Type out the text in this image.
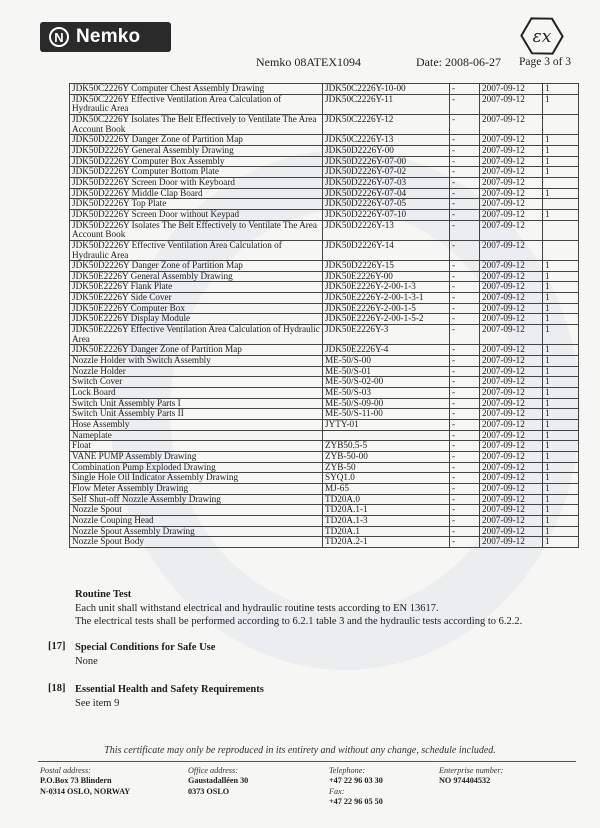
N Nemko
Nemko 08ATEX1094	Date: 2008-06-27
εx
Page 3 of 3
JDK50C2226Y Computer Chest Assembly Drawing	JDK50C2226Y-10-00	-	2007-09-12	1
JDK50C2226Y Effective Ventilation Area Calculation of Hydraulic Area	JDK50C2226Y-11	-	2007-09-12	1
JDK50C2226Y Isolates The Belt Effectively to Ventilate The Area Account Book	JDK50C2226Y-12	-	2007-09-12	
JDK50D2226Y Danger Zone of Partition Map	JDK50C2226Y-13	-	2007-09-12	1
JDK50D2226Y General Assembly Drawing	JDK50D2226Y-00	-	2007-09-12	1
JDK50D2226Y Computer Box Assembly	JDK50D2226Y-07-00	-	2007-09-12	1
JDK50D2226Y Computer Bottom Plate	JDK50D2226Y-07-02	-	2007-09-12	1
JDK50D2226Y Screen Door with Keyboard	JDK50D2226Y-07-03	-	2007-09-12	
JDK50D2226Y Middle Clap Board	JDK50D2226Y-07-04	-	2007-09-12	1
JDK50D2226Y Top Plate	JDK50D2226Y-07-05	-	2007-09-12	
JDK50D2226Y Screen Door without Keypad	JDK50D2226Y-07-10	-	2007-09-12	1
JDK50D2226Y Isolates The Belt Effectively to Ventilate The Area Account Book	JDK50D2226Y-13	-	2007-09-12	
JDK50D2226Y Effective Ventilation Area Calculation of Hydraulic Area	JDK50D2226Y-14	-	2007-09-12	
JDK50D2226Y Danger Zone of Partition Map	JDK50D2226Y-15	-	2007-09-12	1
JDK50E2226Y General Assembly Drawing	JDK50E2226Y-00	-	2007-09-12	1
JDK50E2226Y Flank Plate	JDK50E2226Y-2-00-1-3	-	2007-09-12	1
JDK50E2226Y Side Cover	JDK50E2226Y-2-00-1-3-1	-	2007-09-12	1
JDK50E2226Y Computer Box	JDK50E2226Y-2-00-1-5	-	2007-09-12	1
JDK50E2226Y Display Module	JDK50E2226Y-2-00-1-5-2	-	2007-09-12	1
JDK50E2226Y Effective Ventilation Area Calculation of Hydraulic Area	JDK50E2226Y-3	-	2007-09-12	1
JDK50E2226Y Danger Zone of Partition Map	JDK50E2226Y-4	-	2007-09-12	1
Nozzle Holder with Switch Assembly	ME-50/S-00	-	2007-09-12	1
Nozzle Holder	ME-50/S-01	-	2007-09-12	1
Switch Cover	ME-50/S-02-00	-	2007-09-12	1
Lock Board	ME-50/S-03	-	2007-09-12	1
Switch Unit Assembly Parts I	ME-50/S-09-00	-	2007-09-12	1
Switch Unit Assembly Parts II	ME-50/S-11-00	-	2007-09-12	1
Hose Assembly	JYTY-01	-	2007-09-12	1
Nameplate		-	2007-09-12	1
Float	ZYB50.5-5	-	2007-09-12	1
VANE PUMP Assembly Drawing	ZYB-50-00	-	2007-09-12	1
Combination Pump Exploded Drawing	ZYB-50	-	2007-09-12	1
Single Hole Oil Indicator Assembly Drawing	SYQ1.0	-	2007-09-12	1
Flow Meter Assembly Drawing	MJ-65	-	2007-09-12	1
Self Shut-off Nozzle Assembly Drawing	TD20A.0	-	2007-09-12	1
Nozzle Spout	TD20A.1-1	-	2007-09-12	1
Nozzle Couping Head	TD20A.1-3	-	2007-09-12	1
Nozzle Spout Assembly Drawing	TD20A.1	-	2007-09-12	1
Nozzle Spout Body	TD20A.2-1	-	2007-09-12	1
Routine Test
Each unit shall withstand electrical and hydraulic routine tests according to EN 13617.
The electrical tests shall be performed according to 6.2.1 table 3 and the hydraulic tests according to 6.2.2.
[17] Special Conditions for Safe Use
None
[18] Essential Health and Safety Requirements
See item 9
This certificate may only be reproduced in its entirety and without any change, schedule included.
Postal address:
P.O.Box 73 Blindern
N-0314 OSLO, NORWAY
Office address:
Gaustadalléen 30
0373 OSLO
Telephone:
+47 22 96 03 30
Fax:
+47 22 96 05 50
Enterprise number:
NO 974404532
